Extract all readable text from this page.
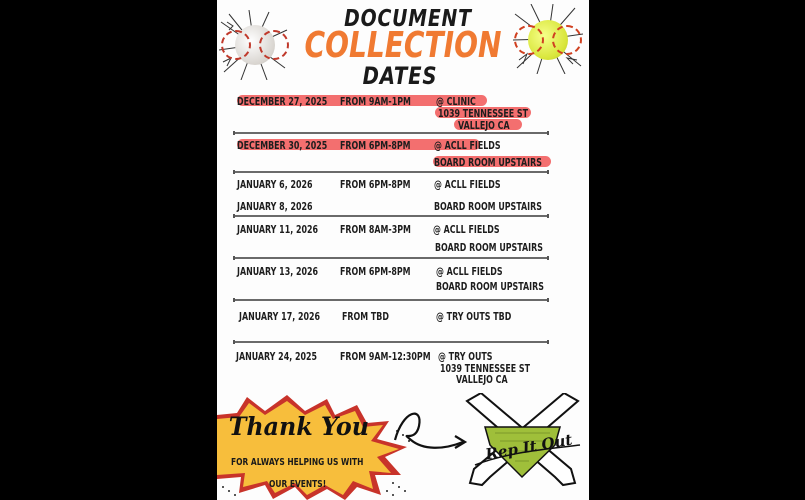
DOCUMENT
COLLECTION
DATES
DECEMBER 27, 2025 FROM 9AM-1PM @ CLINIC
1039 TENNESSEE ST
VALLEJO CA
DECEMBER 30, 2025 FROM 6PM-8PM @ ACLL FIELDS
BOARD ROOM UPSTAIRS
JANUARY 6, 2026
JANUARY 8, 2026
FROM 6PM-8PM @ ACLL FIELDS
BOARD ROOM UPSTAIRS
JANUARY 11, 2026 FROM 8AM-3PM @ ACLL FIELDS
BOARD ROOM UPSTAIRS
JANUARY 13, 2026 FROM 6PM-8PM @ ACLL FIELDS
BOARD ROOM UPSTAIRS
JANUARY 17, 2026 FROM TBD	@ TRY OUTS TBD
JANUARY 24, 2025 FROM 9AM-12:30PM @ TRY OUTS
1039 TENNESSEE ST
VALLEJO CA
Thank You
FOR ALWAYS HELPING US WITH
OUR EVENTS!
Rep It Out
